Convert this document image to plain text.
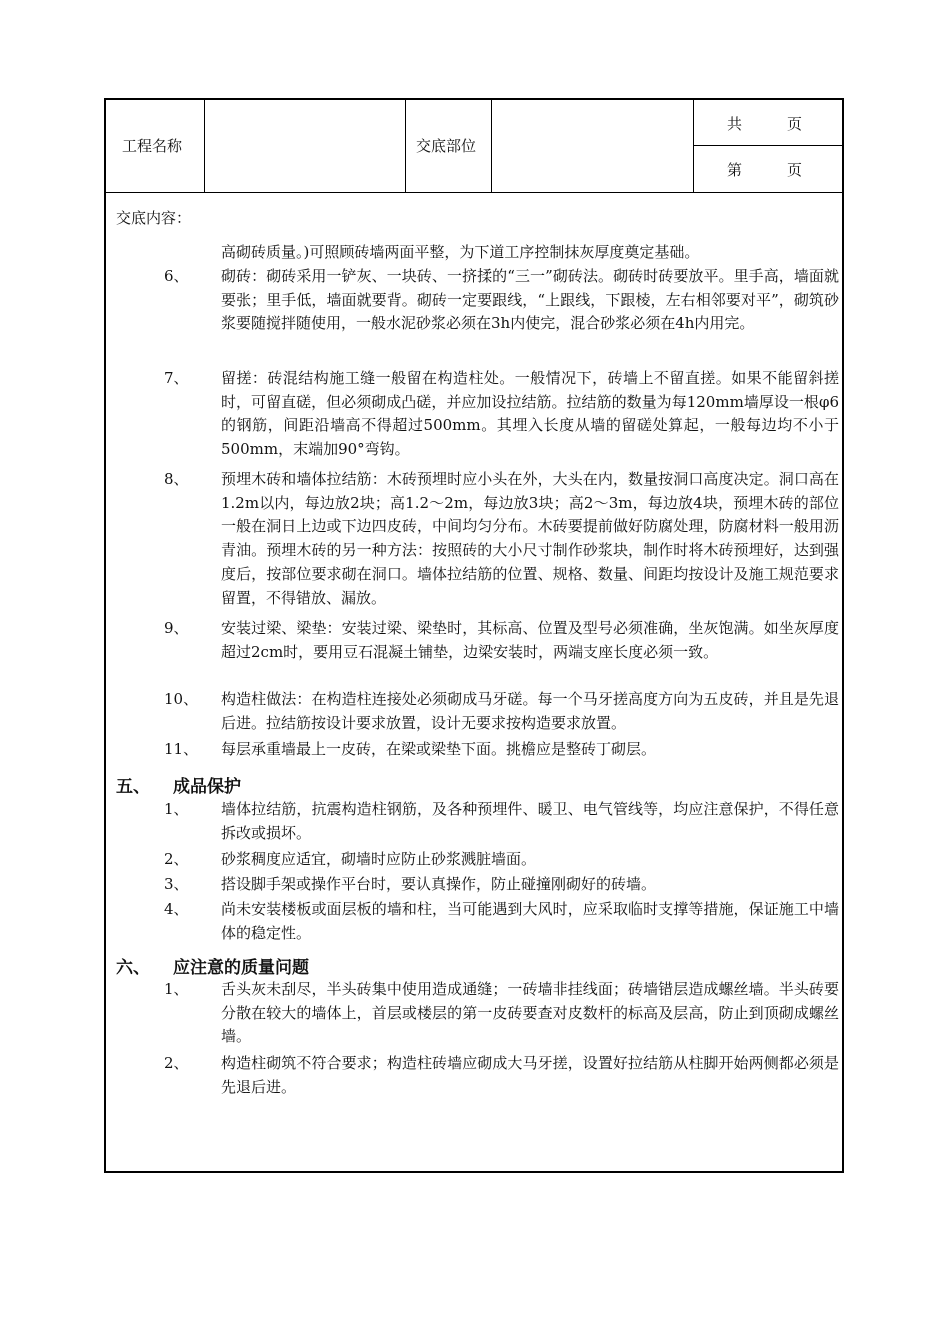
工程名称	交底部位
共　　　页
第　　　页
交底内容：
高砌砖质量。)可照顾砖墙两面平整，为下道工序控制抹灰厚度奠定基础。
6、 砌砖：砌砖采用一铲灰、一块砖、一挤揉的“三一”砌砖法。砌砖时砖要放平。里手高，墙面就要张；里手低，墙面就要背。砌砖一定要跟线，“上跟线，下跟棱，左右相邻要对平”，砌筑砂浆要随搅拌随使用，一般水泥砂浆必须在3h内使完，混合砂浆必须在4h内用完。
7、 留搓：砖混结构施工缝一般留在构造柱处。一般情况下，砖墙上不留直搓。如果不能留斜搓时，可留直磋，但必须砌成凸磋，并应加设拉结筋。拉结筋的数量为每120mm墙厚设一根φ6的钢筋，间距沿墙高不得超过500mm。其埋入长度从墙的留磋处算起，一般每边均不小于500mm，末端加90°弯钩。
8、 预埋木砖和墙体拉结筋：木砖预埋时应小头在外，大头在内，数量按洞口高度决定。洞口高在1.2m以内，每边放2块；高1.2～2m，每边放3块；高2～3m，每边放4块，预埋木砖的部位一般在洞日上边或下边四皮砖，中间均匀分布。木砖要提前做好防腐处理，防腐材料一般用沥青油。预埋木砖的另一种方法：按照砖的大小尺寸制作砂浆块，制作时将木砖预埋好，达到强度后，按部位要求砌在洞口。墙体拉结筋的位置、规格、数量、间距均按设计及施工规范要求留置，不得错放、漏放。
9、 安装过梁、梁垫：安装过梁、梁垫时，其标高、位置及型号必须准确，坐灰饱满。如坐灰厚度超过2cm时，要用豆石混凝土铺垫，边梁安装时，两端支座长度必须一致。
10、 构造柱做法：在构造柱连接处必须砌成马牙磋。每一个马牙搓高度方向为五皮砖，并且是先退后进。拉结筋按设计要求放置，设计无要求按构造要求放置。
11、 每层承重墙最上一皮砖，在梁或梁垫下面。挑檐应是整砖丁砌层。
五、 成品保护
1、 墙体拉结筋，抗震构造柱钢筋，及各种预埋件、暖卫、电气管线等，均应注意保护，不得任意拆改或损坏。
2、 砂浆稠度应适宜，砌墙时应防止砂浆溅脏墙面。
3、 搭设脚手架或操作平台时，要认真操作，防止碰撞刚砌好的砖墙。
4、 尚未安装楼板或面层板的墙和柱，当可能遇到大风时，应采取临时支撑等措施，保证施工中墙体的稳定性。
六、 应注意的质量问题
1、 舌头灰未刮尽，半头砖集中使用造成通缝；一砖墙非挂线面；砖墙错层造成螺丝墙。半头砖要分散在较大的墙体上，首层或楼层的第一皮砖要查对皮数杆的标高及层高，防止到顶砌成螺丝墙。
2、 构造柱砌筑不符合要求；构造柱砖墙应砌成大马牙搓，设置好拉结筋从柱脚开始两侧都必须是先退后进。
